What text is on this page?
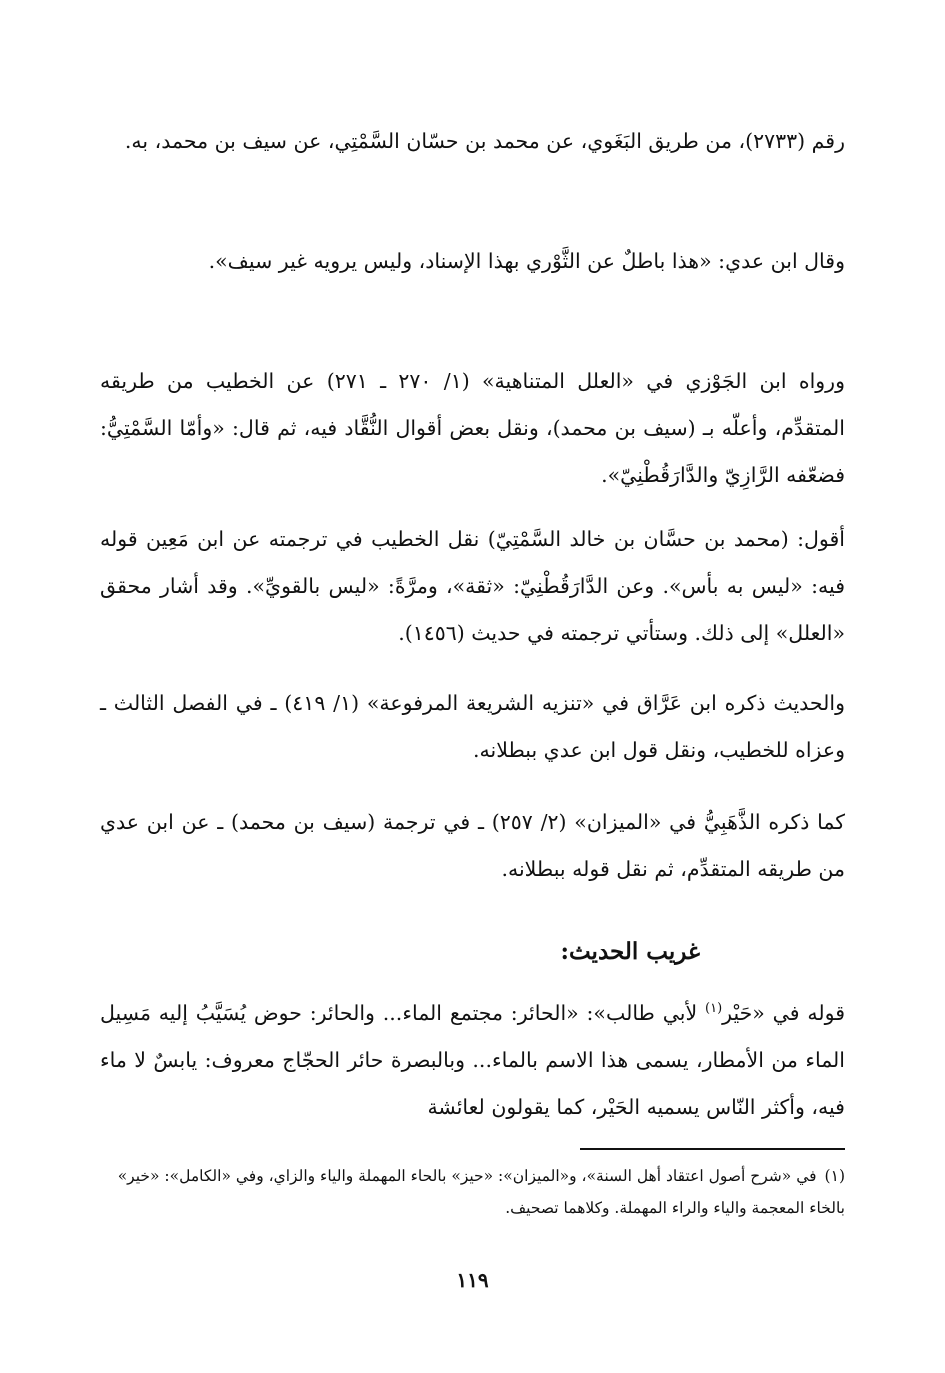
رقم (٢٧٣٣)، من طريق البَغَوي، عن محمد بن حسّان السَّمْتِي، عن سيف بن محمد، به.

وقال ابن عدي: «هذا باطلٌ عن الثَّوْري بهذا الإسناد، وليس يرويه غير سيف».

ورواه ابن الجَوْزي في «العلل المتناهية» (١/ ٢٧٠ ـ ٢٧١) عن الخطيب من طريقه المتقدِّم، وأعلّه بـ (سيف بن محمد)، ونقل بعض أقوال النُّقَّاد فيه، ثم قال: «وأمّا السَّمْتِيُّ: فضعّفه الرَّازِيّ والدَّارَقُطْنِيّ».

أقول: (محمد بن حسَّان بن خالد السَّمْتِيّ) نقل الخطيب في ترجمته عن ابن مَعِين قوله فيه: «ليس به بأس». وعن الدَّارَقُطْنِيّ: «ثقة»، ومرَّةً: «ليس بالقويِّ». وقد أشار محقق «العلل» إلى ذلك. وستأتي ترجمته في حديث (١٤٥٦).

والحديث ذكره ابن عَرَّاق في «تنزيه الشريعة المرفوعة» (١/ ٤١٩) ـ في الفصل الثالث ـ وعزاه للخطيب، ونقل قول ابن عدي ببطلانه.

كما ذكره الذَّهَبِيُّ في «الميزان» (٢/ ٢٥٧) ـ في ترجمة (سيف بن محمد) ـ عن ابن عدي من طريقه المتقدِّم، ثم نقل قوله ببطلانه.

غريب الحديث:

قوله في «حَيْر$^{(١)}$ لأبي طالب»: «الحائر: مجتمع الماء... والحائر: حوض يُسَيَّبُ إليه مَسِيل الماء من الأمطار، يسمى هذا الاسم بالماء... وبالبصرة حائر الحجّاج معروف: يابسٌ لا ماء فيه، وأكثر النّاس يسميه الحَيْر، كما يقولون لعائشة

(١)في «شرح أصول اعتقاد أهل السنة»، و«الميزان»: «حيز» بالحاء المهملة والياء والزاي، وفي «الكامل»: «خير» بالخاء المعجمة والياء والراء المهملة. وكلاهما تصحيف.

١١٩
